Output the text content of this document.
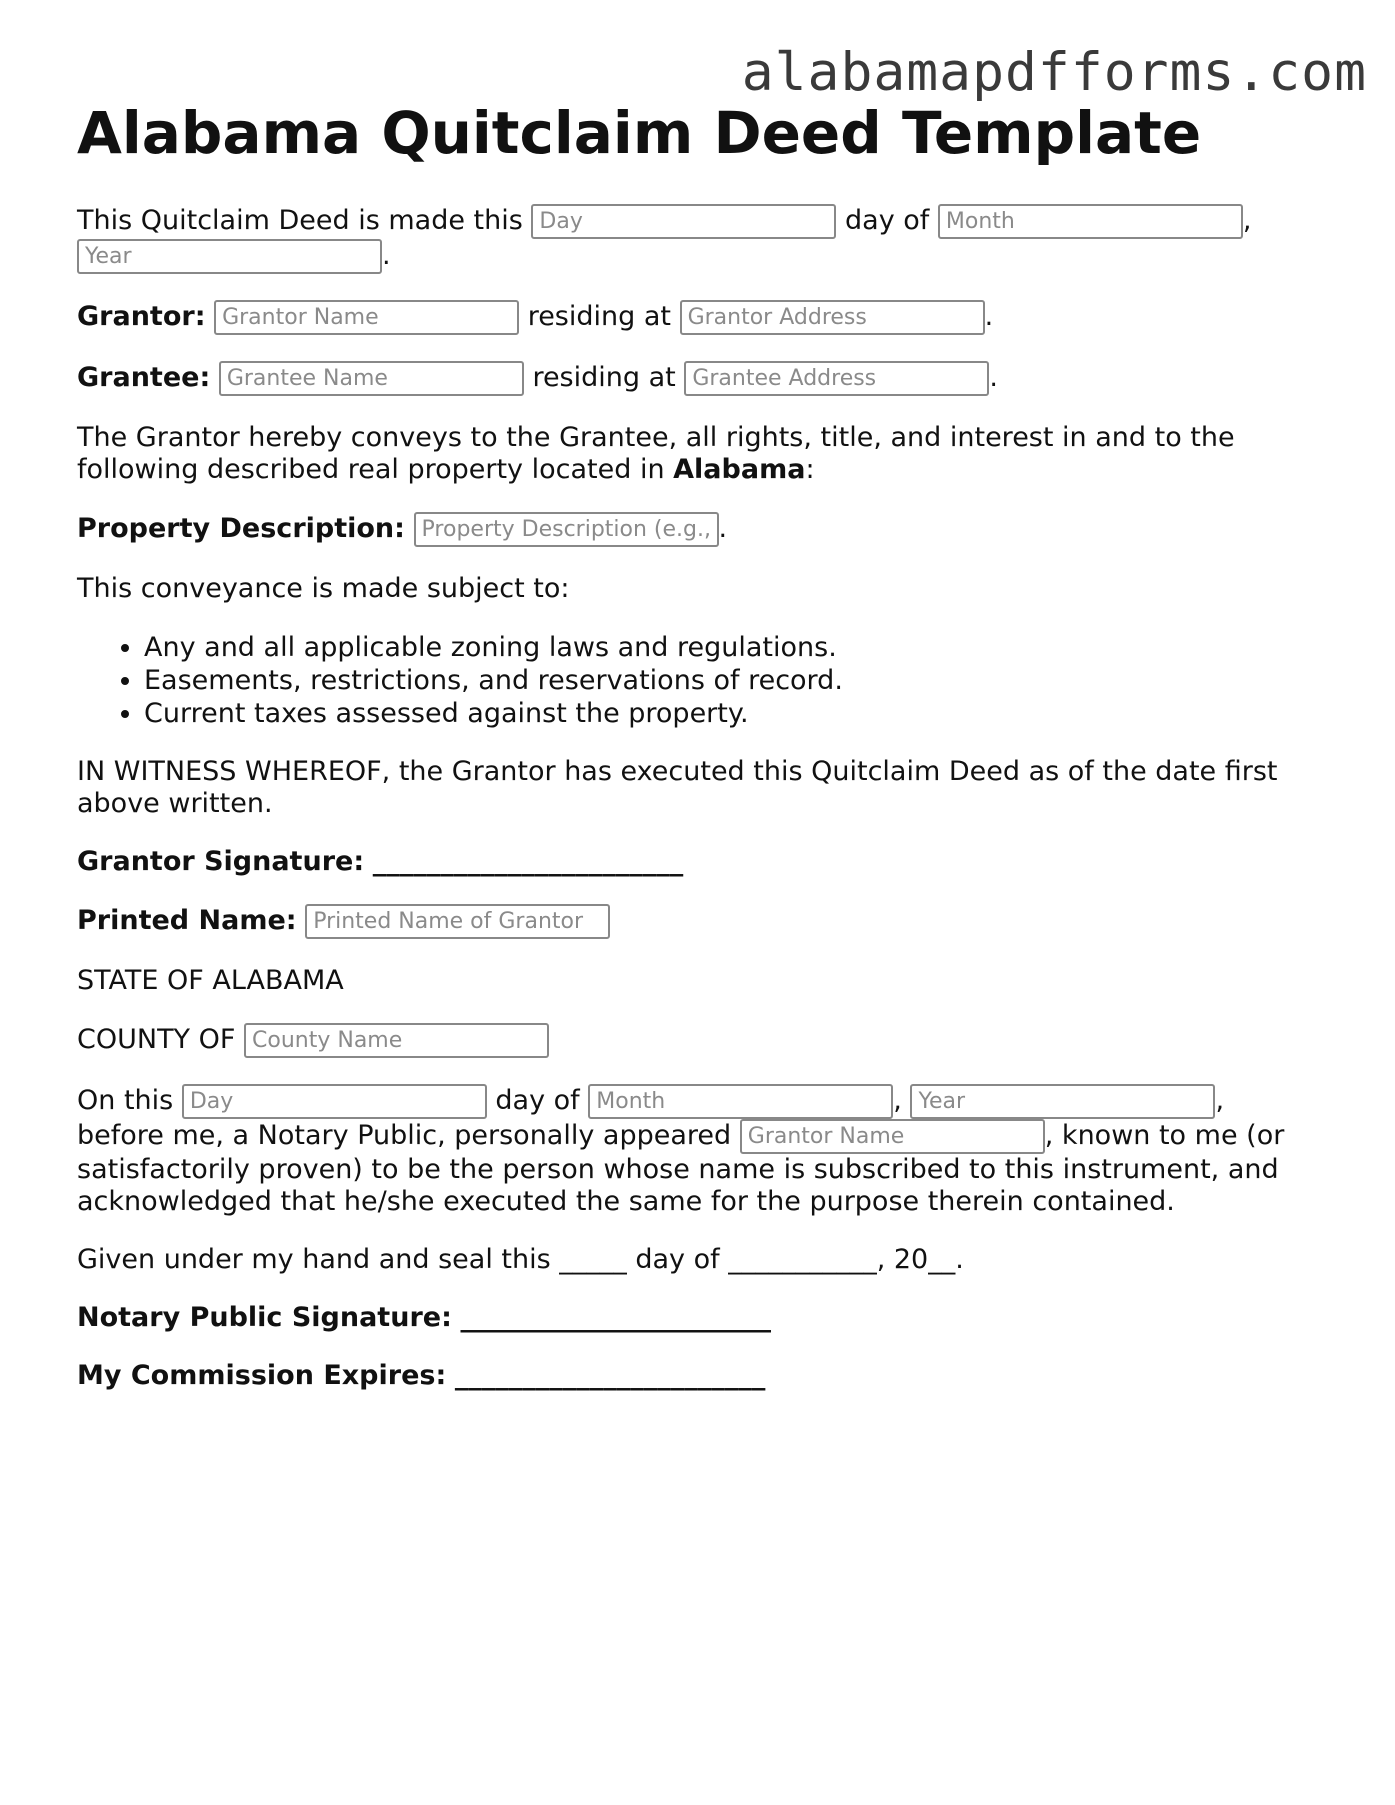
alabamapdfforms.com
Alabama Quitclaim Deed Template

This Quitclaim Deed is made this Day	day of Month	,
Year.

Grantor: Grantor Name	residing at Grantor Address	.

Grantee: Grantee Name	residing at Grantee Address	.

The Grantor hereby conveys to the Grantee, all rights, title, and interest in and to the following described real property located in Alabama:

Property Description: Property Description (e.g., Legal Description)	.

This conveyance is made subject to:

• Any and all applicable zoning laws and regulations.
• Easements, restrictions, and reservations of record.
• Current taxes assessed against the property.

IN WITNESS WHEREOF, the Grantor has executed this Quitclaim Deed as of the date first above written.

Grantor Signature: _______________________

Printed Name: Printed Name of Grantor

STATE OF ALABAMA

COUNTY OF County Name

On this Day	day of Month	, Year	, before me, a Notary Public, personally appeared Grantor Name	, known to me (or satisfactorily proven) to be the person whose name is subscribed to this instrument, and acknowledged that he/she executed the same for the purpose therein contained.

Given under my hand and seal this _____ day of ___________, 20__.

Notary Public Signature: _______________________

My Commission Expires: _______________________
